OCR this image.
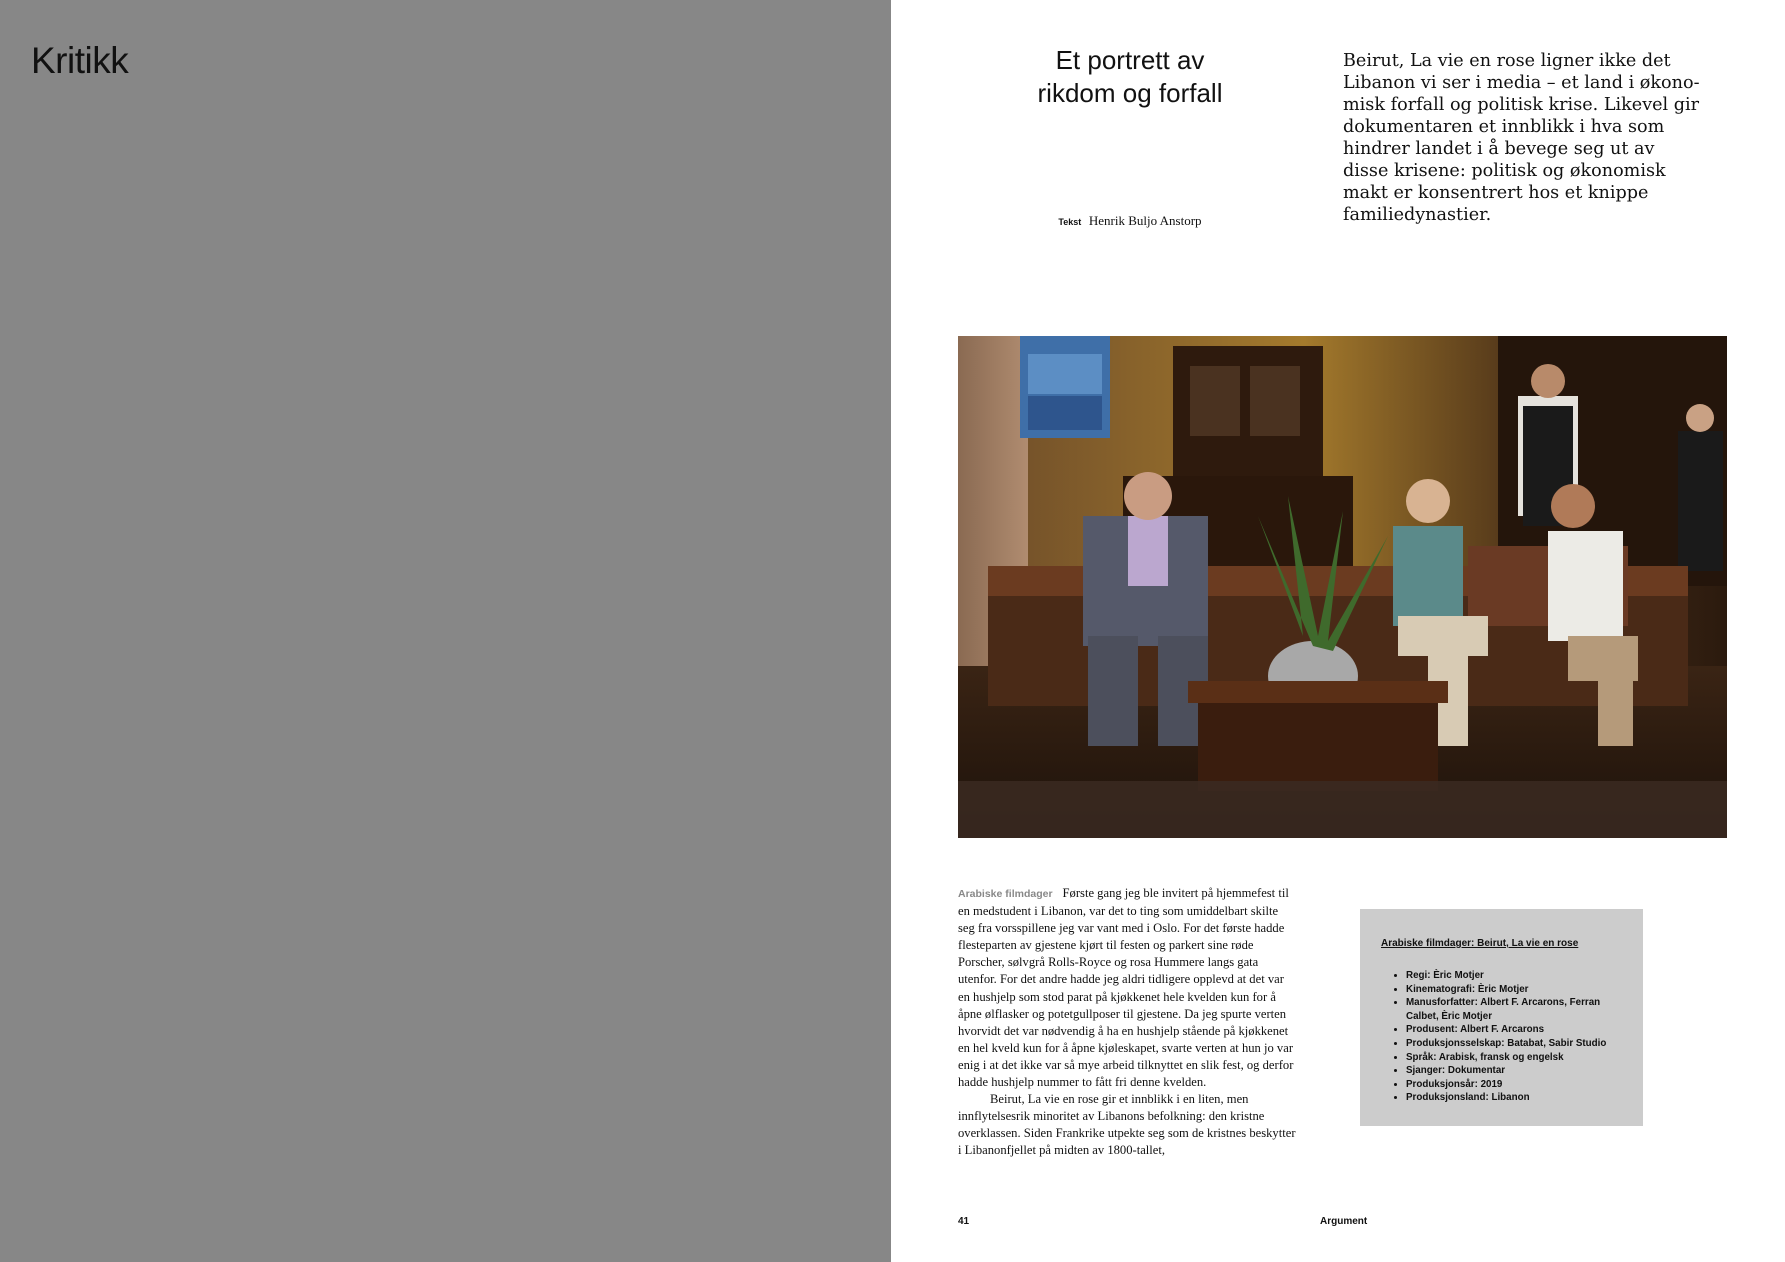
Kritikk	Et portrett av
rikdom og forfall
Tekst Henrik Buljo Anstorp

Beirut, La vie en rose ligner ikke det Libanon vi ser i media – et land i økonomisk forfall og politisk krise. Likevel gir dokumentaren et innblikk i hva som hindrer landet i å bevege seg ut av disse krisene: politisk og økonomisk makt er konsentrert hos et knippe familiedynastier.

Arabiske filmdager Første gang jeg ble invitert på hjemmefest til en medstudent i Libanon, var det to ting som umiddelbart skilte seg fra vorsspillene jeg var vant med i Oslo. For det første hadde flesteparten av gjestene kjørt til festen og parkert sine røde Porscher, sølvgrå Rolls-Royce og rosa Hummere langs gata utenfor. For det andre hadde jeg aldri tidligere opplevd at det var en hushjelp som stod parat på kjøkkenet hele kvelden kun for å åpne ølflasker og potetgullposer til gjestene. Da jeg spurte verten hvorvidt det var nødvendig å ha en hushjelp stående på kjøkkenet en hel kveld kun for å åpne kjøleskapet, svarte verten at hun jo var enig i at det ikke var så mye arbeid tilknyttet en slik fest, og derfor hadde hushjelp nummer to fått fri denne kvelden.

Beirut, La vie en rose gir et innblikk i en liten, men innflytelsesrik minoritet av Libanons befolkning: den kristne overklassen. Siden Frankrike utpekte seg som de kristnes beskytter i Libanonfjellet på midten av 1800-tallet,

Arabiske filmdager: Beirut, La vie en rose
• Regi: Èric Motjer
• Kinematografi: Èric Motjer
• Manusforfatter: Albert F. Arcarons, Ferran Calbet, Èric Motjer
• Produsent: Albert F. Arcarons
• Produksjonsselskap: Batabat, Sabir Studio
• Språk: Arabisk, fransk og engelsk
• Sjanger: Dokumentar
• Produksjonsår: 2019
• Produksjonsland: Libanon
41	Argument
